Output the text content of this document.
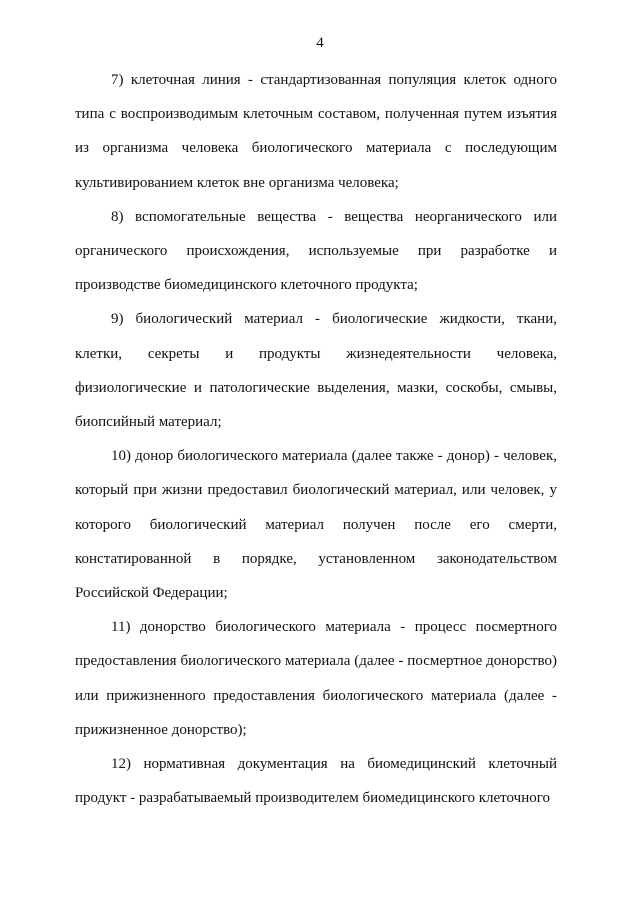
4

7) клеточная линия - стандартизованная популяция клеток одного типа с воспроизводимым клеточным составом, полученная путем изъятия из организма человека биологического материала с последующим культивированием клеток вне организма человека;

8) вспомогательные вещества - вещества неорганического или органического происхождения, используемые при разработке и производстве биомедицинского клеточного продукта;

9) биологический материал - биологические жидкости, ткани, клетки, секреты и продукты жизнедеятельности человека, физиологические и патологические выделения, мазки, соскобы, смывы, биопсийный материал;

10) донор биологического материала (далее также - донор) - человек, который при жизни предоставил биологический материал, или человек, у которого биологический материал получен после его смерти, констатированной в порядке, установленном законодательством Российской Федерации;

11) донорство биологического материала - процесс посмертного предоставления биологического материала (далее - посмертное донорство) или прижизненного предоставления биологического материала (далее - прижизненное донорство);

12) нормативная документация на биомедицинский клеточный продукт - разрабатываемый производителем биомедицинского клеточного
